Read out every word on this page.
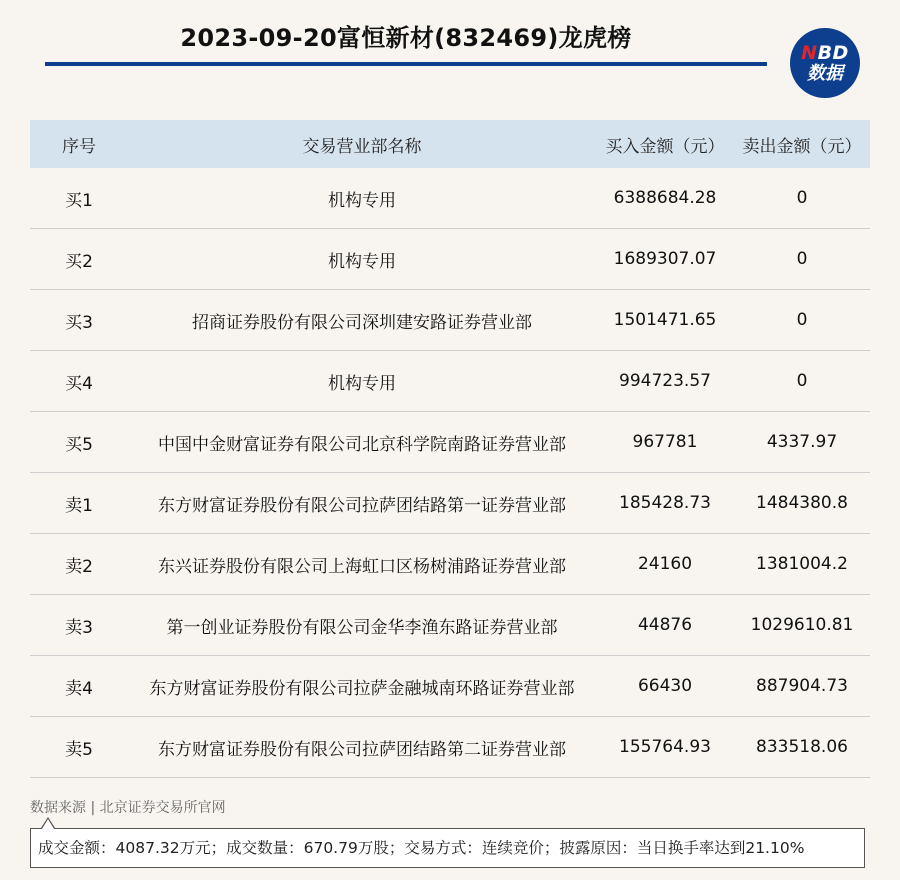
2023-09-20富恒新材(832469)龙虎榜
NBD
数据
序号	交易营业部名称	买入金额（元）	卖出金额（元）
买1	机构专用	6388684.28	0
买2	机构专用	1689307.07	0
买3	招商证券股份有限公司深圳建安路证券营业部	1501471.65	0
买4	机构专用	994723.57	0
买5	中国中金财富证券有限公司北京科学院南路证券营业部	967781	4337.97
卖1	东方财富证券股份有限公司拉萨团结路第一证券营业部	185428.73	1484380.8
卖2	东兴证券股份有限公司上海虹口区杨树浦路证券营业部	24160	1381004.2
卖3	第一创业证券股份有限公司金华李渔东路证券营业部	44876	1029610.81
卖4	东方财富证券股份有限公司拉萨金融城南环路证券营业部	66430	887904.73
卖5	东方财富证券股份有限公司拉萨团结路第二证券营业部	155764.93	833518.06
数据来源 | 北京证券交易所官网
成交金额：4087.32万元；成交数量：670.79万股；交易方式：连续竞价；披露原因：当日换手率达到21.10%
